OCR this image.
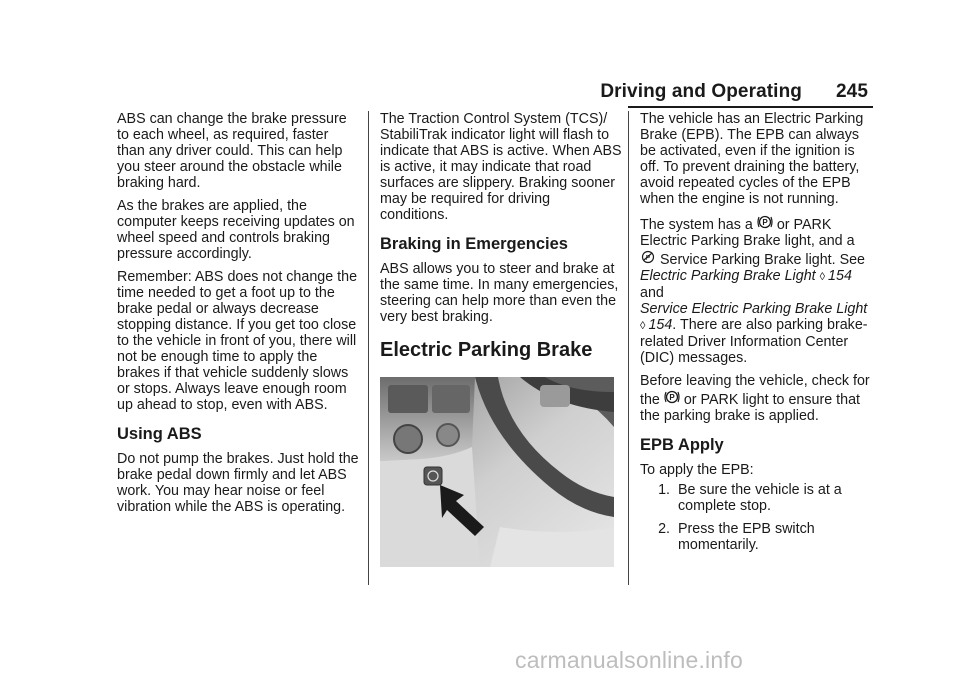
Driving and Operating 245

ABS can change the brake pressure to each wheel, as required, faster than any driver could. This can help you steer around the obstacle while braking hard.

As the brakes are applied, the computer keeps receiving updates on wheel speed and controls braking pressure accordingly.

Remember: ABS does not change the time needed to get a foot up to the brake pedal or always decrease stopping distance. If you get too close to the vehicle in front of you, there will not be enough time to apply the brakes if that vehicle suddenly slows or stops. Always leave enough room up ahead to stop, even with ABS.

Using ABS

Do not pump the brakes. Just hold the brake pedal down firmly and let ABS work. You may hear noise or feel vibration while the ABS is operating.

The Traction Control System (TCS)/ StabiliTrak indicator light will flash to indicate that ABS is active. When ABS is active, it may indicate that road surfaces are slippery. Braking sooner may be required for driving conditions.

Braking in Emergencies

ABS allows you to steer and brake at the same time. In many emergencies, steering can help more than even the very best braking.

Electric Parking Brake

The vehicle has an Electric Parking Brake (EPB). The EPB can always be activated, even if the ignition is off. To prevent draining the battery, avoid repeated cycles of the EPB when the engine is not running.

The system has a P or PARK Electric Parking Brake light, and a
P Service Parking Brake light. See Electric Parking Brake Light ◊ 154
and
Service Electric Parking Brake Light
◊ 154. There are also parking brake-related Driver Information Center (DIC) messages.

Before leaving the vehicle, check for the P or PARK light to ensure that the parking brake is applied.

EPB Apply

To apply the EPB:

1. Be sure the vehicle is at a complete stop.
2. Press the EPB switch momentarily.
carmanualsonline.info
